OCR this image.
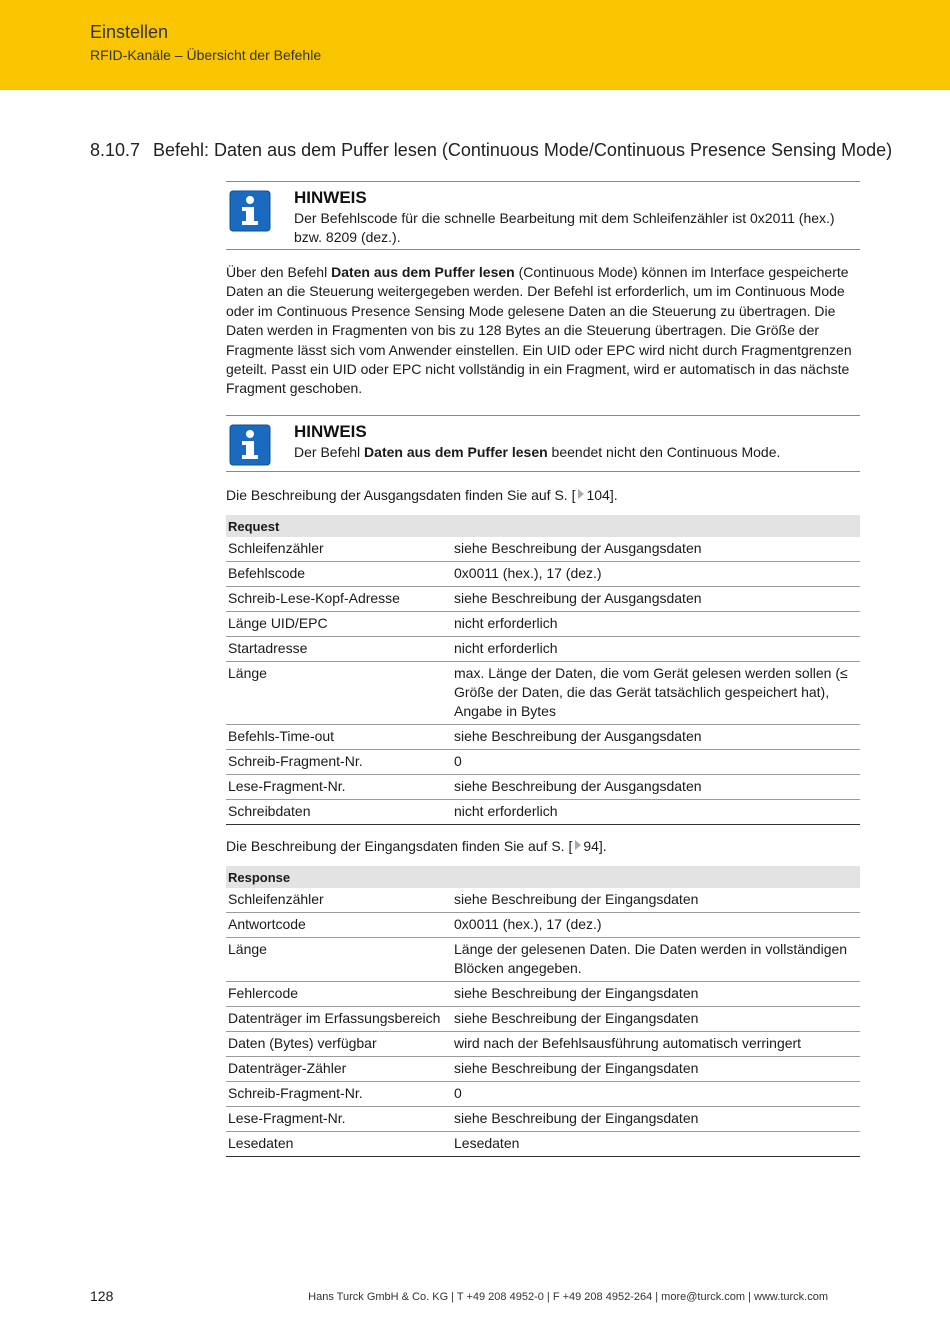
Einstellen
RFID-Kanäle – Übersicht der Befehle
8.10.7 Befehl: Daten aus dem Puffer lesen (Continuous Mode/Continuous Presence Sensing Mode)
HINWEIS
Der Befehlscode für die schnelle Bearbeitung mit dem Schleifenzähler ist 0x2011 (hex.) bzw. 8209 (dez.).
Über den Befehl Daten aus dem Puffer lesen (Continuous Mode) können im Interface gespeicherte Daten an die Steuerung weitergegeben werden. Der Befehl ist erforderlich, um im Continuous Mode oder im Continuous Presence Sensing Mode gelesene Daten an die Steuerung zu übertragen. Die Daten werden in Fragmenten von bis zu 128 Bytes an die Steuerung übertragen. Die Größe der Fragmente lässt sich vom Anwender einstellen. Ein UID oder EPC wird nicht durch Fragmentgrenzen geteilt. Passt ein UID oder EPC nicht vollständig in ein Fragment, wird er automatisch in das nächste Fragment geschoben.
HINWEIS
Der Befehl Daten aus dem Puffer lesen beendet nicht den Continuous Mode.
Die Beschreibung der Ausgangsdaten finden Sie auf S. [ 104].
Request	
Schleifenzähler	siehe Beschreibung der Ausgangsdaten
Befehlscode	0x0011 (hex.), 17 (dez.)
Schreib-Lese-Kopf-Adresse	siehe Beschreibung der Ausgangsdaten
Länge UID/EPC	nicht erforderlich
Startadresse	nicht erforderlich
Länge	max. Länge der Daten, die vom Gerät gelesen werden sollen (≤ Größe der Daten, die das Gerät tatsächlich gespeichert hat), Angabe in Bytes
Befehls-Time-out	siehe Beschreibung der Ausgangsdaten
Schreib-Fragment-Nr.	0
Lese-Fragment-Nr.	siehe Beschreibung der Ausgangsdaten
Schreibdaten	nicht erforderlich
Die Beschreibung der Eingangsdaten finden Sie auf S. [ 94].
Response	
Schleifenzähler	siehe Beschreibung der Eingangsdaten
Antwortcode	0x0011 (hex.), 17 (dez.)
Länge	Länge der gelesenen Daten. Die Daten werden in vollständigen Blöcken angegeben.
Fehlercode	siehe Beschreibung der Eingangsdaten
Datenträger im Erfassungsbereich	siehe Beschreibung der Eingangsdaten
Daten (Bytes) verfügbar	wird nach der Befehlsausführung automatisch verringert
Datenträger-Zähler	siehe Beschreibung der Eingangsdaten
Schreib-Fragment-Nr.	0
Lese-Fragment-Nr.	siehe Beschreibung der Eingangsdaten
Lesedaten	Lesedaten
128	Hans Turck GmbH & Co. KG | T +49 208 4952-0 | F +49 208 4952-264 | more@turck.com | www.turck.com
